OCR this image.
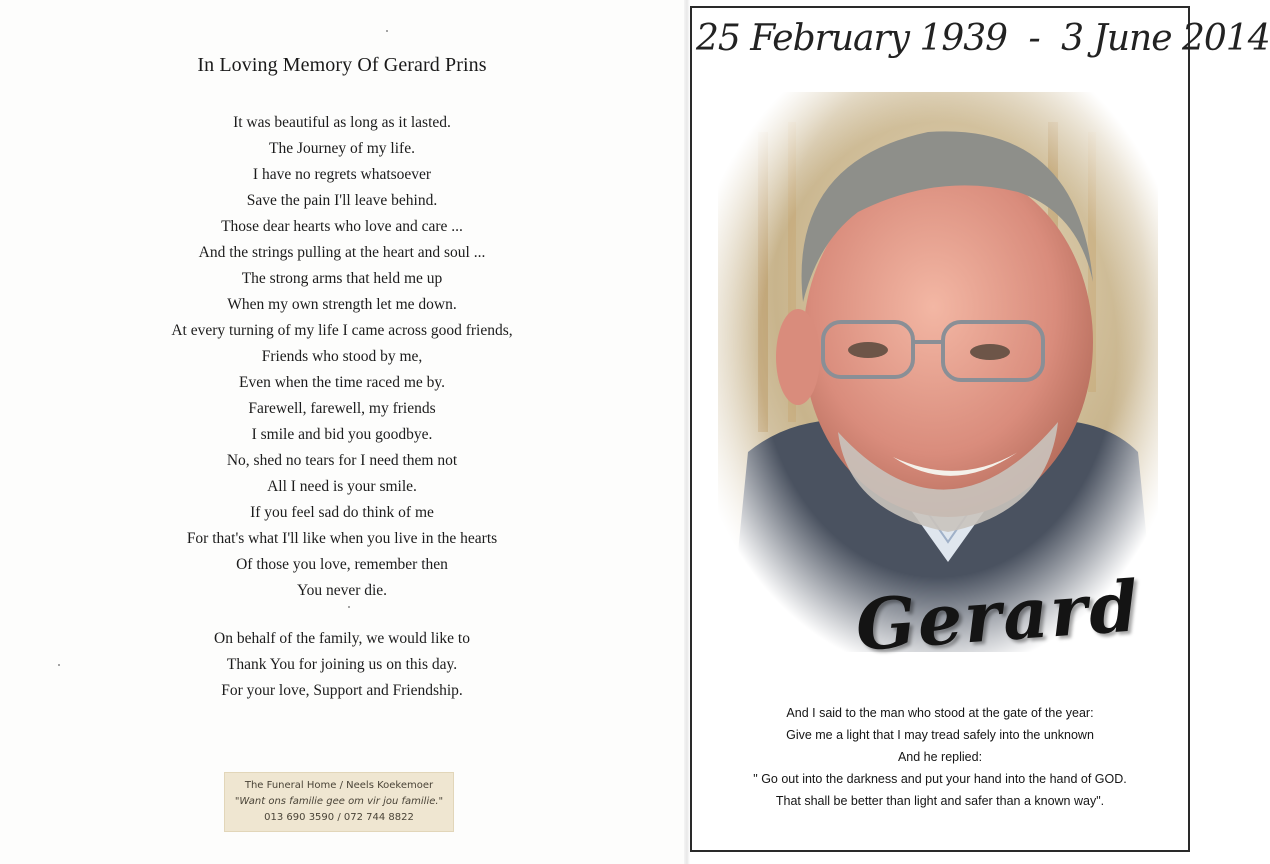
In Loving Memory Of Gerard Prins
It was beautiful as long as it lasted.
The Journey of my life.
I have no regrets whatsoever
Save the pain I'll leave behind.
Those dear hearts who love and care ...
And the strings pulling at the heart and soul ...
The strong arms that held me up
When my own strength let me down.
At every turning of my life I came across good friends,
Friends who stood by me,
Even when the time raced me by.
Farewell, farewell, my friends
I smile and bid you goodbye.
No, shed no tears for I need them not
All I need is your smile.
If you feel sad do think of me
For that's what I'll like when you live in the hearts
Of those you love, remember then
You never die.
On behalf of the family, we would like to
Thank You for joining us on this day.
For your love, Support and Friendship.
The Funeral Home / Neels Koekemoer
"Want ons familie gee om vir jou familie."
013 690 3590 / 072 744 8822
25 February 1939 - 3 June 2014
Gerard
And I said to the man who stood at the gate of the year:
Give me a light that I may tread safely into the unknown
And he replied:
" Go out into the darkness and put your hand into the hand of GOD.
That shall be better than light and safer than a known way".
